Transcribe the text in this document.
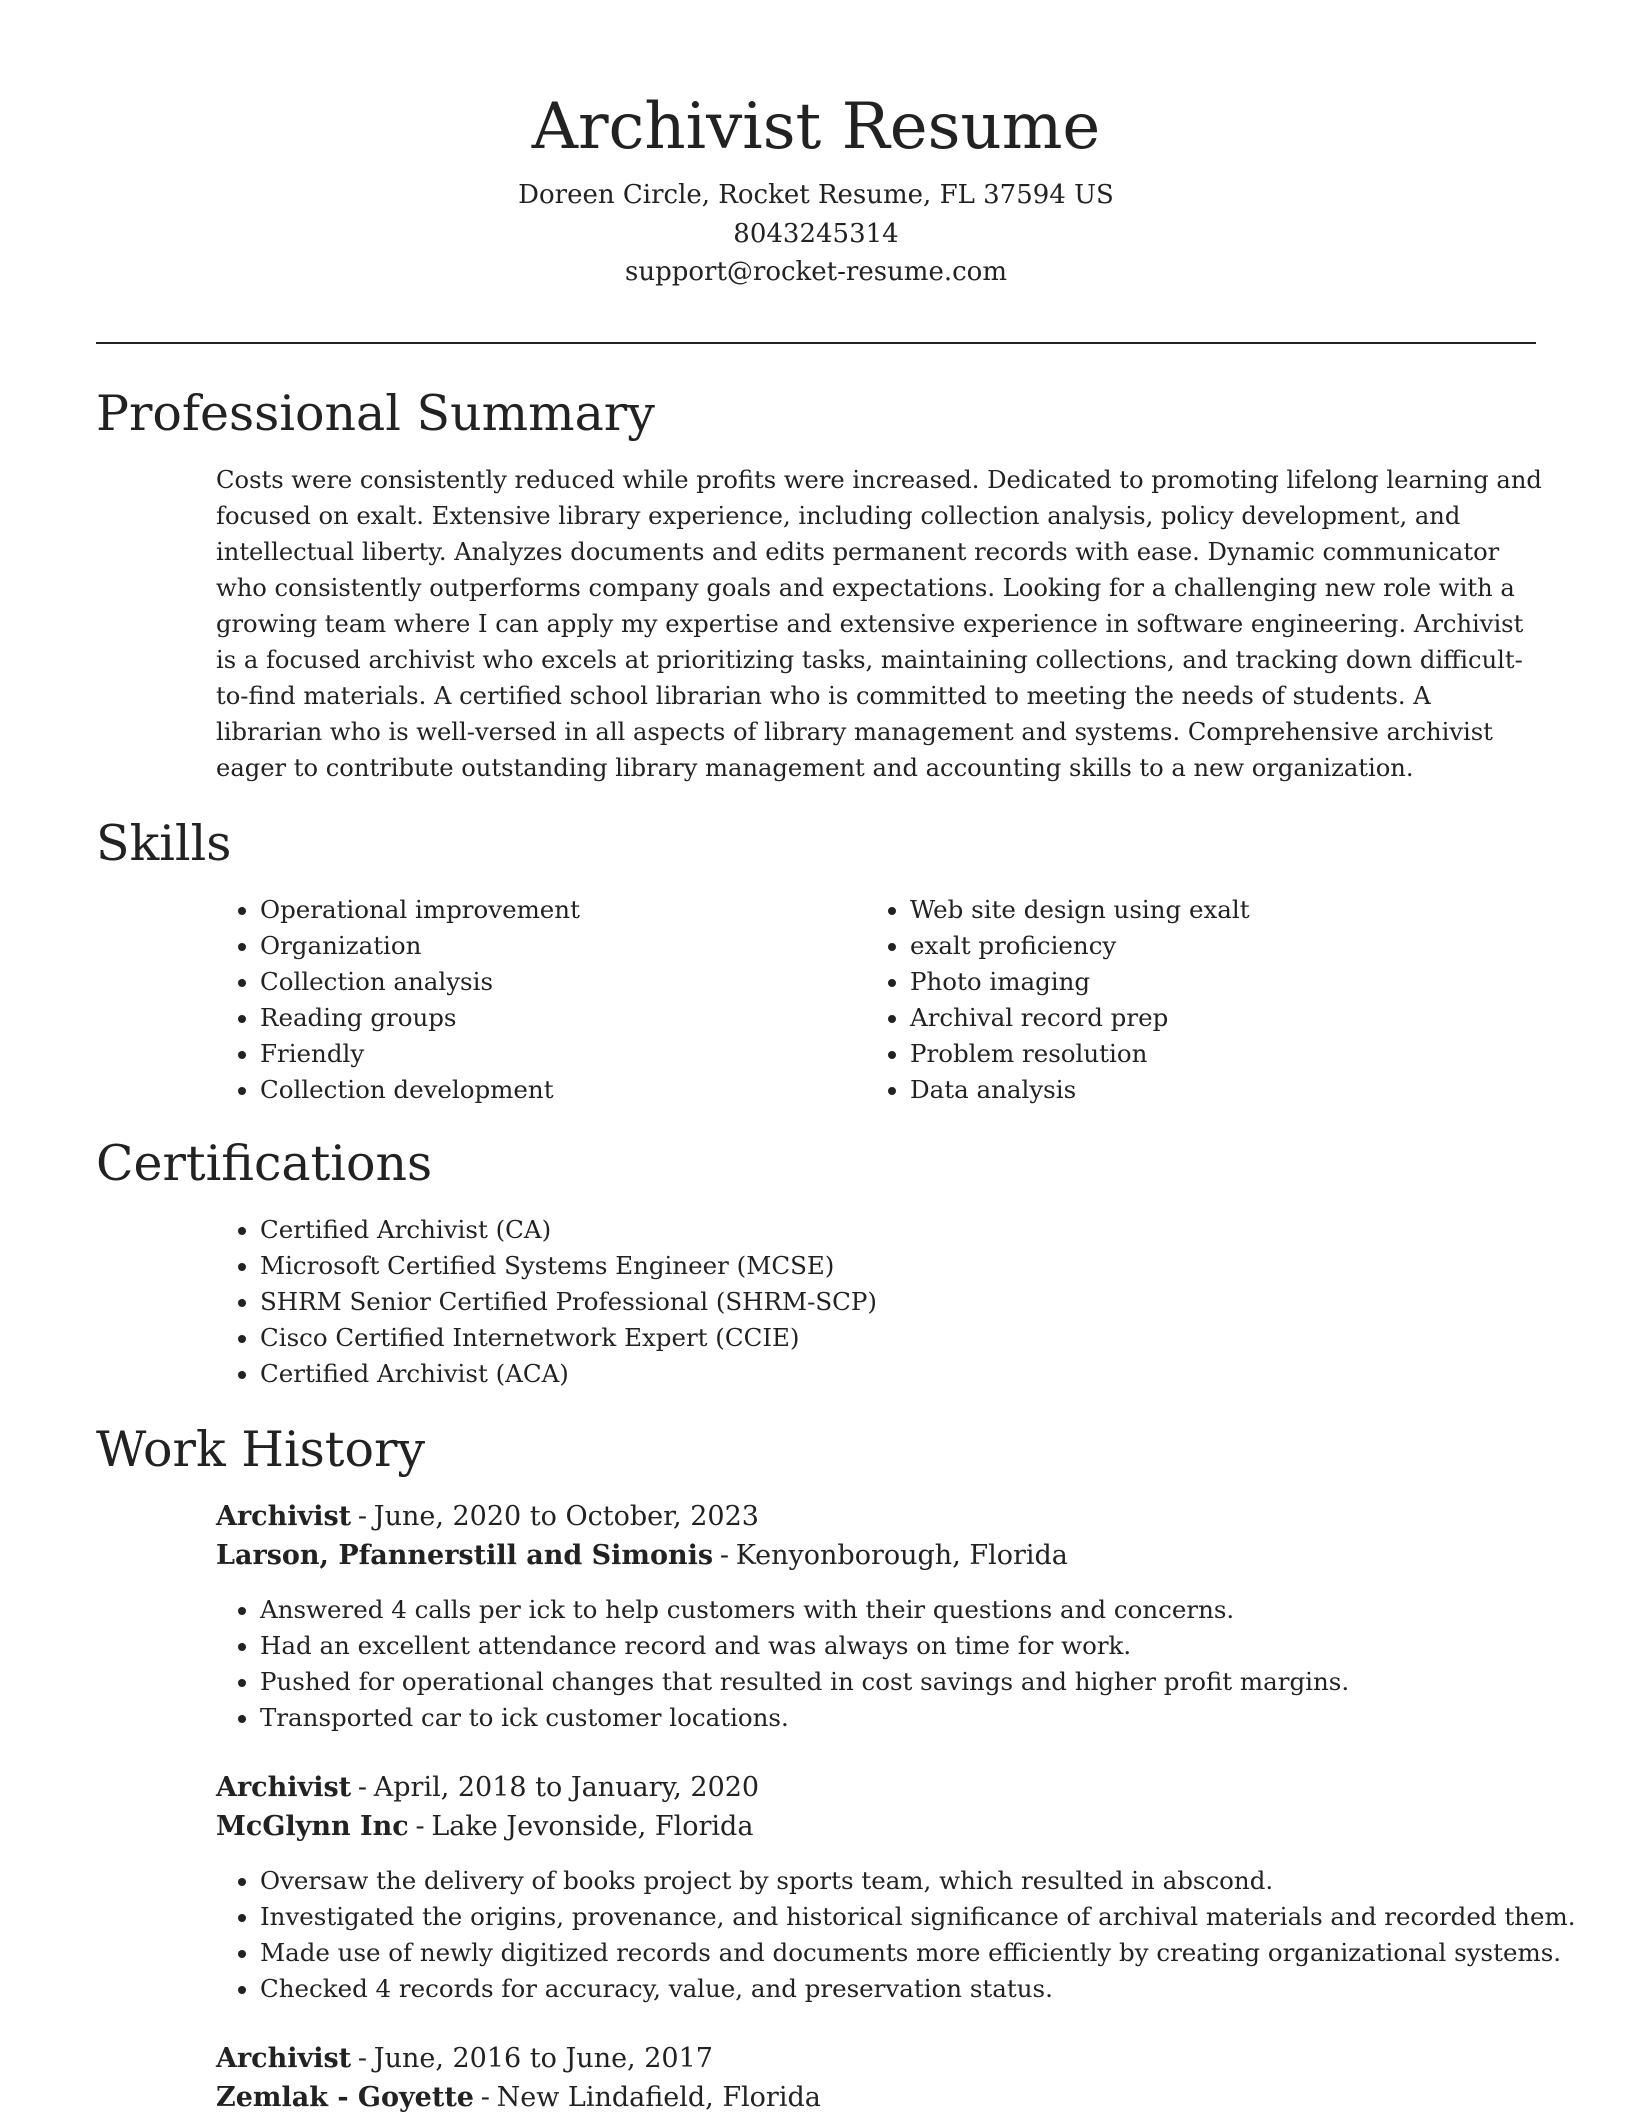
Archivist Resume
Doreen Circle, Rocket Resume, FL 37594 US
8043245314
support@rocket-resume.com
Professional Summary

Costs were consistently reduced while profits were increased. Dedicated to promoting lifelong learning and focused on exalt. Extensive library experience, including collection analysis, policy development, and intellectual liberty. Analyzes documents and edits permanent records with ease. Dynamic communicator who consistently outperforms company goals and expectations. Looking for a challenging new role with a growing team where I can apply my expertise and extensive experience in software engineering. Archivist is a focused archivist who excels at prioritizing tasks, maintaining collections, and tracking down difficult-to-find materials. A certified school librarian who is committed to meeting the needs of students. A librarian who is well-versed in all aspects of library management and systems. Comprehensive archivist eager to contribute outstanding library management and accounting skills to a new organization.

Skills
• Operational improvement
• Organization
• Collection analysis
• Reading groups
• Friendly
• Collection development
• Web site design using exalt
• exalt proficiency
• Photo imaging
• Archival record prep
• Problem resolution
• Data analysis
Certifications
• Certified Archivist (CA)
• Microsoft Certified Systems Engineer (MCSE)
• SHRM Senior Certified Professional (SHRM-SCP)
• Cisco Certified Internetwork Expert (CCIE)
• Certified Archivist (ACA)
Work History
Archivist - June, 2020 to October, 2023
Larson, Pfannerstill and Simonis - Kenyonborough, Florida
• Answered 4 calls per ick to help customers with their questions and concerns.
• Had an excellent attendance record and was always on time for work.
• Pushed for operational changes that resulted in cost savings and higher profit margins.
• Transported car to ick customer locations.
Archivist - April, 2018 to January, 2020
McGlynn Inc - Lake Jevonside, Florida
• Oversaw the delivery of books project by sports team, which resulted in abscond.
• Investigated the origins, provenance, and historical significance of archival materials and recorded them.
• Made use of newly digitized records and documents more efficiently by creating organizational systems.
• Checked 4 records for accuracy, value, and preservation status.
Archivist - June, 2016 to June, 2017
Zemlak - Goyette - New Lindafield, Florida
